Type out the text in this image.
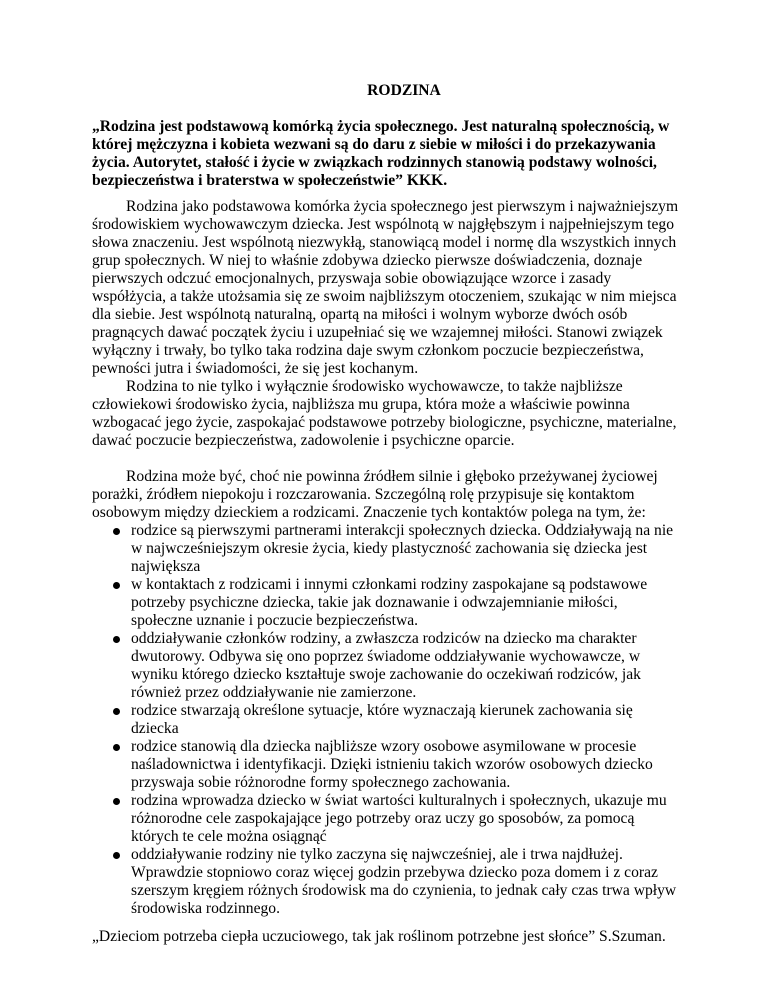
RODZINA

„Rodzina jest podstawową komórką życia społecznego. Jest naturalną społecznością, w której mężczyzna i kobieta wezwani są do daru z siebie w miłości i do przekazywania życia. Autorytet, stałość i życie w związkach rodzinnych stanowią podstawy wolności, bezpieczeństwa i braterstwa w społeczeństwie” KKK.

Rodzina jako podstawowa komórka życia społecznego jest pierwszym i najważniejszym środowiskiem wychowawczym dziecka. Jest wspólnotą w najgłębszym i najpełniejszym tego słowa znaczeniu. Jest wspólnotą niezwykłą, stanowiącą model i normę dla wszystkich innych grup społecznych. W niej to właśnie zdobywa dziecko pierwsze doświadczenia, doznaje pierwszych odczuć emocjonalnych, przyswaja sobie obowiązujące wzorce i zasady współżycia, a także utożsamia się ze swoim najbliższym otoczeniem, szukając w nim miejsca dla siebie. Jest wspólnotą naturalną, opartą na miłości i wolnym wyborze dwóch osób pragnących dawać początek życiu i uzupełniać się we wzajemnej miłości. Stanowi związek wyłączny i trwały, bo tylko taka rodzina daje swym członkom poczucie bezpieczeństwa, pewności jutra i świadomości, że się jest kochanym.

Rodzina to nie tylko i wyłącznie środowisko wychowawcze, to także najbliższe człowiekowi środowisko życia, najbliższa mu grupa, która może a właściwie powinna wzbogacać jego życie, zaspokajać podstawowe potrzeby biologiczne, psychiczne, materialne, dawać poczucie bezpieczeństwa, zadowolenie i psychiczne oparcie.

Rodzina może być, choć nie powinna źródłem silnie i głęboko przeżywanej życiowej porażki, źródłem niepokoju i rozczarowania. Szczególną rolę przypisuje się kontaktom osobowym między dzieckiem a rodzicami. Znaczenie tych kontaktów polega na tym, że:

rodzice są pierwszymi partnerami interakcji społecznych dziecka. Oddziaływają na nie w najwcześniejszym okresie życia, kiedy plastyczność zachowania się dziecka jest największa
w kontaktach z rodzicami i innymi członkami rodziny zaspokajane są podstawowe potrzeby psychiczne dziecka, takie jak doznawanie i odwzajemnianie miłości, społeczne uznanie i poczucie bezpieczeństwa.
oddziaływanie członków rodziny, a zwłaszcza rodziców na dziecko ma charakter dwutorowy. Odbywa się ono poprzez świadome oddziaływanie wychowawcze, w wyniku którego dziecko kształtuje swoje zachowanie do oczekiwań rodziców, jak również przez oddziaływanie nie zamierzone.
rodzice stwarzają określone sytuacje, które wyznaczają kierunek zachowania się dziecka
rodzice stanowią dla dziecka najbliższe wzory osobowe asymilowane w procesie naśladownictwa i identyfikacji. Dzięki istnieniu takich wzorów osobowych dziecko przyswaja sobie różnorodne formy społecznego zachowania.
rodzina wprowadza dziecko w świat wartości kulturalnych i społecznych, ukazuje mu różnorodne cele zaspokajające jego potrzeby oraz uczy go sposobów, za pomocą których te cele można osiągnąć
oddziaływanie rodziny nie tylko zaczyna się najwcześniej, ale i trwa najdłużej. Wprawdzie stopniowo coraz więcej godzin przebywa dziecko poza domem i z coraz szerszym kręgiem różnych środowisk ma do czynienia, to jednak cały czas trwa wpływ środowiska rodzinnego.

„Dzieciom potrzeba ciepła uczuciowego, tak jak roślinom potrzebne jest słońce” S.Szuman.
